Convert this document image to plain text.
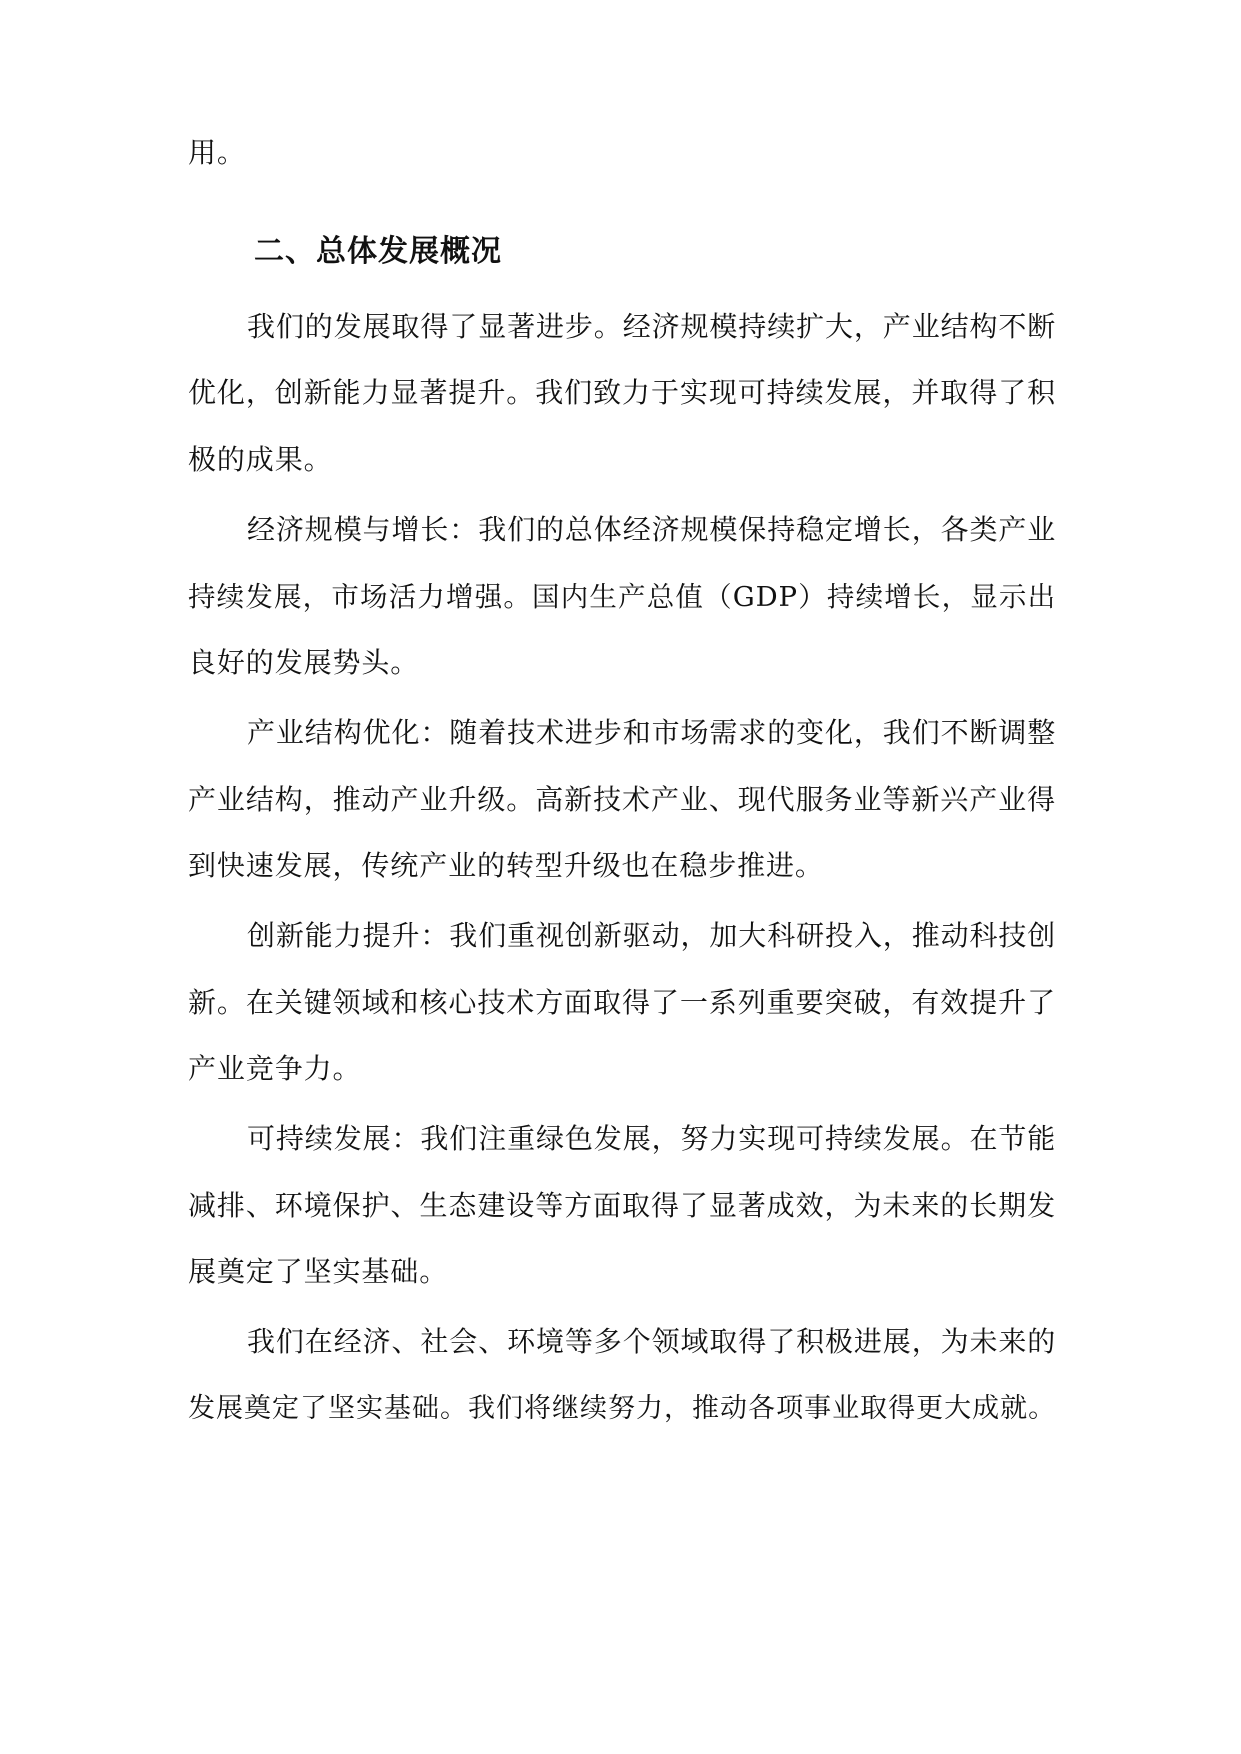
用。
二、总体发展概况
我们的发展取得了显著进步。经济规模持续扩大，产业结构不断
优化，创新能力显著提升。我们致力于实现可持续发展，并取得了积
极的成果。
经济规模与增长：我们的总体经济规模保持稳定增长，各类产业
持续发展，市场活力增强。国内生产总值（GDP）持续增长，显示出
良好的发展势头。
产业结构优化：随着技术进步和市场需求的变化，我们不断调整
产业结构，推动产业升级。高新技术产业、现代服务业等新兴产业得
到快速发展，传统产业的转型升级也在稳步推进。
创新能力提升：我们重视创新驱动，加大科研投入，推动科技创
新。在关键领域和核心技术方面取得了一系列重要突破，有效提升了
产业竞争力。
可持续发展：我们注重绿色发展，努力实现可持续发展。在节能
减排、环境保护、生态建设等方面取得了显著成效，为未来的长期发
展奠定了坚实基础。
我们在经济、社会、环境等多个领域取得了积极进展，为未来的
发展奠定了坚实基础。我们将继续努力，推动各项事业取得更大成就。
